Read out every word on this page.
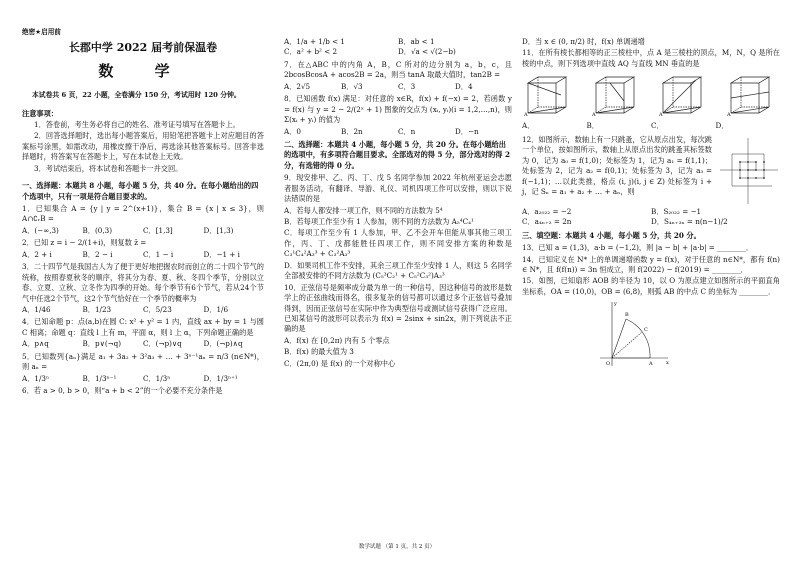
绝密★启用前
长郡中学 2022 届考前保温卷
数 学
本试卷共 6 页，22 小题，全卷满分 150 分，考试用时 120 分钟。
注意事项：
1．答卷前，考生务必将自己的姓名、准考证号填写在答题卡上。
2．回答选择题时，选出每小题答案后，用铅笔把答题卡上对应题目的答案标号涂黑，如需改动，用橡皮擦干净后，再选涂其他答案标号。回答非选择题时，将答案写在答题卡上，写在本试卷上无效。
3．考试结束后，将本试卷和答题卡一并交回。
一、选择题：本题共 8 小题，每小题 5 分，共 40 分。在每小题给出的四个选项中，只有一项是符合题目要求的。
1．已知集合 A = {y | y = 2^(x+1)}，集合 B = {x | x ≤ 3}，则 A∩∁ᵣB =
A．(−∞,3)	B．(0,3)	C．[1,3]	D．[1,3)
2．已知 z = i − 2/(1+i)，则复数 z̄ =
A．2 + i	B．2 − i	C．1 − i	D．−1 + i
3．二十四节气是我国古人为了便于更好地把握农时而创立的二十四个节气的统称，按照春夏秋冬的顺序，将其分为春、夏、秋、冬四个季节，分别以立春、立夏、立秋、立冬作为四季的开始。每个季节有6个节气，若从24个节气中任选2个节气，这2个节气恰好在一个季节的概率为
A．1/46	B．1/23	C．5/23	D．1/6
4．已知命题 p：点(a,b)在圆 C: x² + y² = 1 内，直线 ax + by = 1 与圆 C 相离；命题 q：直线 l 上有 m，平面 α，则 l 上 α，下列命题正确的是
A．p∧q	B．p∨(¬q)	C．(¬p)∨q	D．(¬p)∧q
5．已知数列{aₙ}满足 a₁ + 3a₂ + 3²a₃ + … + 3ⁿ⁻¹aₙ = n/3 (n∈N*)，则 aₙ =
A．1/3ⁿ	B．1/3ⁿ⁻¹	C．1/3ⁿ	D．1/3ⁿ⁺¹
6．若 a > 0, b > 0，则“a + b < 2”的一个必要不充分条件是
A．1/a + 1/b < 1	B．ab < 1
C．a² + b² < 2	D．√a < √(2−b)
7．在△ABC 中的内角 A，B，C 所对的边分别为 a，b，c，且 2bcosBcosA + acos2B = 2a，则当 tanA 取最大值时，tan2B =
A．2√5	B．√3	C．3	D．4
8．已知函数 f(x) 满足：对任意的 x∈R，f(x) + f(−x) = 2，若函数 y = f(x) 与 y = 2 − 2/(2ˣ + 1) 图象的交点为 (xᵢ, yᵢ)(i = 1,2,…,n)，则 Σ(xᵢ + yᵢ) 的值为
A．0	B．2n	C．n	D．−n
二、选择题：本题共 4 小题，每小题 5 分，共 20 分。在每小题给出的选项中，有多项符合题目要求。全部选对的得 5 分，部分选对的得 2 分，有选错的得 0 分。
9．现安排甲、乙、丙、丁、戊 5 名同学参加 2022 年杭州亚运会志愿者服务活动，有翻译、导游、礼仪、司机四项工作可以安排，则以下说法错误的是
A．若每人都安排一项工作，则不同的方法数为 5⁴
B．若每项工作至少有 1 人参加，则不同的方法数为 A₅⁴C₄¹
C．每项工作至少有 1 人参加，甲、乙不会开车但能从事其他三项工作，丙、丁、戊都能胜任四项工作，则不同安排方案的种数是 C₃¹C₄²A₃³ + C₃²A₃³
D．如果司机工作不安排，其余三项工作至少安排 1 人，则这 5 名同学全部被安排的不同方法数为 (C₅³C₂¹ + C₅²C₃²)A₃³
10．正弦信号是频率成分最为单一的一种信号，因这种信号的波形是数学上的正弦曲线而得名，很多复杂的信号都可以通过多个正弦信号叠加得到，因而正弦信号在实际中作为典型信号或测试信号获得广泛应用。已知某信号的波形可以表示为 f(x) = 2sinx + sin2x，则下列说法不正确的是
A．f(x) 在 [0,2π) 内有 5 个零点
B．f(x) 的最大值为 3
C．(2π,0) 是 f(x) 的一个对称中心
D．当 x ∈ (0, π/2) 时，f(x) 单调递增
11．在所有棱长都相等的正三棱柱中，点 A 是三棱柱的顶点，M，N，Q 是所在棱的中点，则下列选项中直线 AQ 与直线 MN 垂直的是
A	A	A	A
A．	B．	C．	D．
12．如图所示，数轴上有一只跳蚤，它从原点出发，每次跳一个单位，按如图所示，数轴上从原点出发的跳蚤其标签数为 0，记为 a₀ = f(1,0)；处标签为 1，记为 a₁ = f(1,1)；处标签为 2，记为 a₂ = f(0,1)；处标签为 3，记为 a₃ = f(−1,1)；…以此类推，格点 (i, j)(i, j ∈ Z) 处标签为 i + j，记 Sₙ = a₁ + a₂ + … + aₙ，则
A．a₂₀₂₂ = −2	B．S₂₀₂₂ = −1
C．a₄ₙ₊₂ = 2n	D．S₄ₙ₊₃ₙ = n(n−1)/2
三、填空题：本题共 4 小题，每小题 5 分，共 20 分。
13．已知 a = (1,3)，a·b = (−1,2)，则 |a − b| + |a·b| = ________．
14．已知定义在 N* 上的单调递增函数 y = f(x)，对于任意的 n∈N*，都有 f(n) ∈ N*，且 f(f(n)) = 3n 恒成立，则 f(2022) − f(2019) = ________．
15．如图，已知扇形 AOB 的半径为 10，以 O 为原点建立如图所示的平面直角坐标系，OA = (10,0)，OB = (6,8)，则弧 AB 的中点 C 的坐标为 ________．
O	A
B
C
y
x
数学试题 （第 1 页，共 2 页）
